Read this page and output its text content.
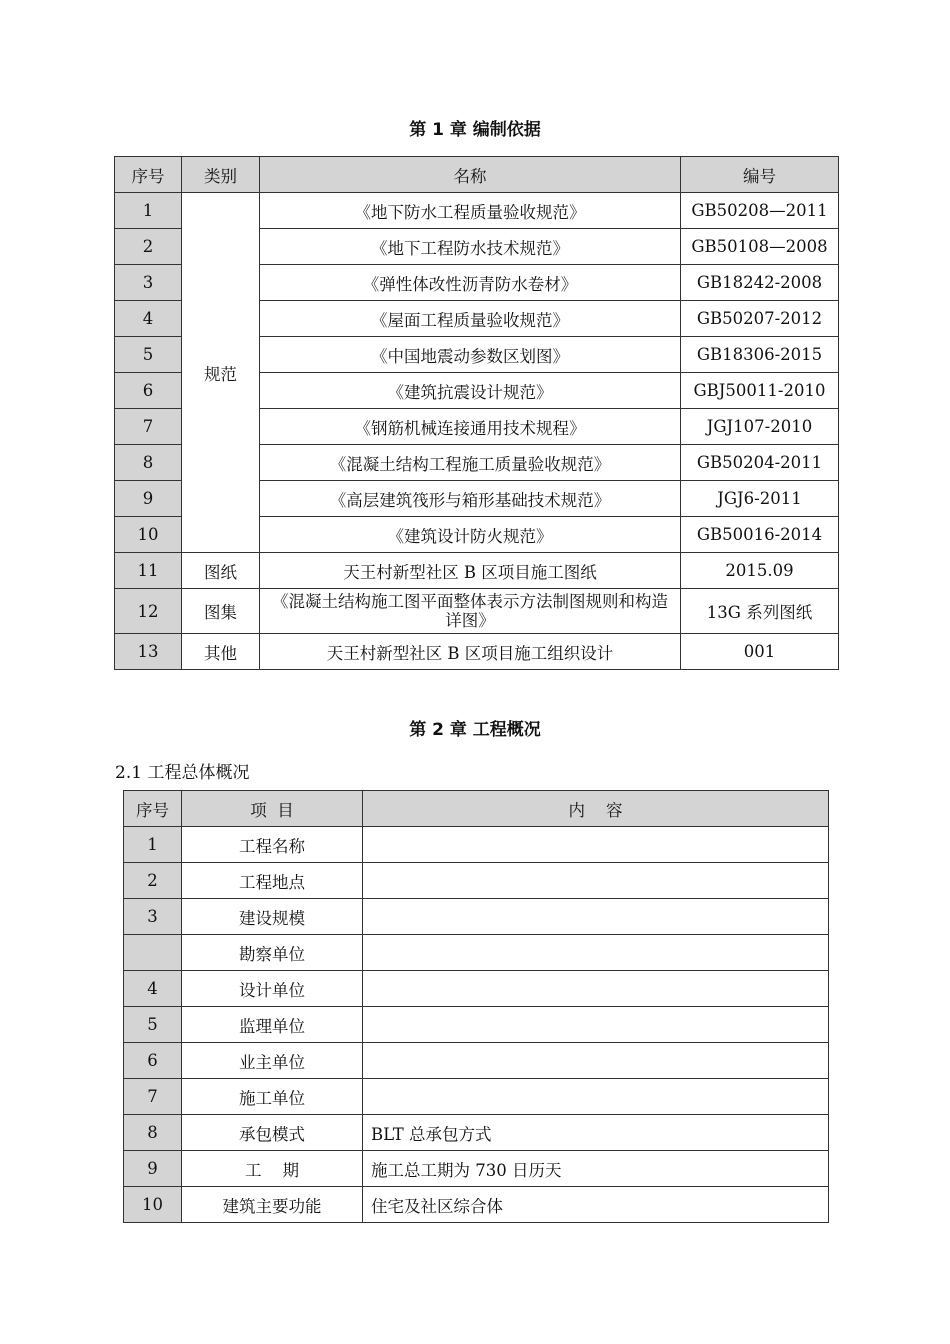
第 1 章 编制依据
序号	类别	名称	编号
1	规范	《地下防水工程质量验收规范》	GB50208—2011
2		《地下工程防水技术规范》	GB50108—2008
3		《弹性体改性沥青防水卷材》	GB18242-2008
4		《屋面工程质量验收规范》	GB50207-2012
5		《中国地震动参数区划图》	GB18306-2015
6		《建筑抗震设计规范》	GBJ50011-2010
7		《钢筋机械连接通用技术规程》	JGJ107-2010
8		《混凝土结构工程施工质量验收规范》	GB50204-2011
9		《高层建筑筏形与箱形基础技术规范》	JGJ6-2011
10		《建筑设计防火规范》	GB50016-2014
11	图纸	天王村新型社区 B 区项目施工图纸	2015.09
12	图集	《混凝土结构施工图平面整体表示方法制图规则和构造详图》	13G 系列图纸
13	其他	天王村新型社区 B 区项目施工组织设计	001
第 2 章 工程概况
2.1 工程总体概况
序号	项  目	内    容
1	工程名称	
2	工程地点	
3	建设规模	
	勘察单位	
4	设计单位	
5	监理单位	
6	业主单位	
7	施工单位	
8	承包模式	BLT 总承包方式
9	工    期	施工总工期为 730 日历天
10	建筑主要功能	住宅及社区综合体
